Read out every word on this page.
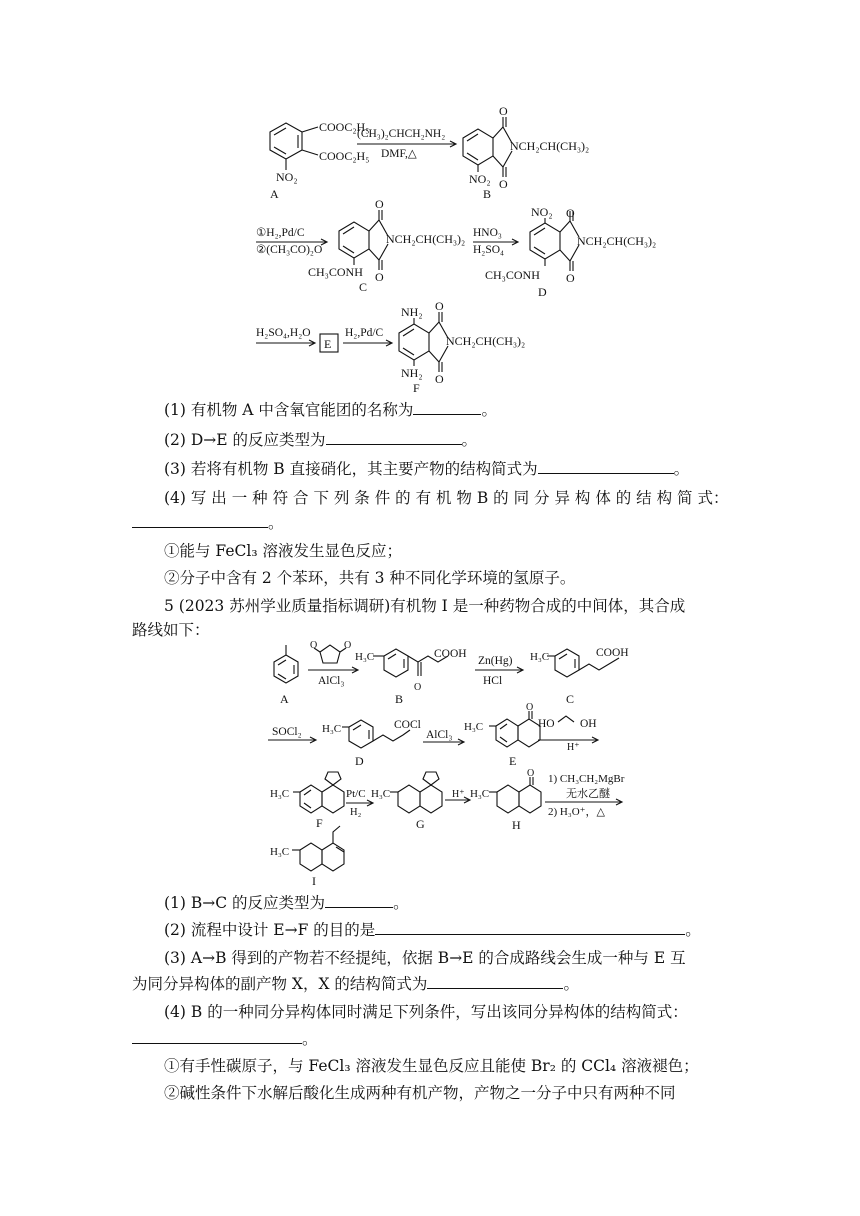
COOC₂H₅
COOC₂H₅
NO₂
A
(CH₃)₂CHCH₂NH₂
DMF,△
O
O
NCH₂CH(CH₃)₂
NO₂
B
①H₂,Pd/C
②(CH₃CO)₂O
O
O
NCH₂CH(CH₃)₂
CH₃CONH
C
HNO₃
H₂SO₄
O
O
NCH₂CH(CH₃)₂
NO₂
CH₃CONH
D
H₂SO₄,H₂O
E
H₂,Pd/C
O
O
NCH₂CH(CH₃)₂
NH₂
NH₂
F
A
O	O
AlCl₃
H₃C	COOH
O
B
Zn(Hg)
HCl
H₃C	COOH
C
SOCl₂ H₃C	COCl
D
AlCl₃
H₃C
O
E
HO OH
H⁺
H₃C
F
Pt/C
H₂
H₃C
G
H⁺ H₃C
O
H
1) CH₃CH₂MgBr
无水乙醚
2) H₃O⁺，△
H₃C
I
(1) 有机物 A 中含氧官能团的名称为	。
(2) D→E 的反应类型为	。
(3) 若将有机物 B 直接硝化，其主要产物的结构简式为	。
(4) 写 出 一 种 符 合 下 列 条 件 的 有 机 物 B 的 同 分 异 构 体 的 结 构 简 式：
。
①能与 FeCl₃ 溶液发生显色反应；
②分子中含有 2 个苯环，共有 3 种不同化学环境的氢原子。
5 (2023 苏州学业质量指标调研)有机物 I 是一种药物合成的中间体，其合成
路线如下：
(1) B→C 的反应类型为	。
(2) 流程中设计 E→F 的目的是	。
(3) A→B 得到的产物若不经提纯，依据 B→E 的合成路线会生成一种与 E 互
为同分异构体的副产物 X，X 的结构简式为	。
(4) B 的一种同分异构体同时满足下列条件，写出该同分异构体的结构简式：
。
①有手性碳原子，与 FeCl₃ 溶液发生显色反应且能使 Br₂ 的 CCl₄ 溶液褪色；
②碱性条件下水解后酸化生成两种有机产物，产物之一分子中只有两种不同
